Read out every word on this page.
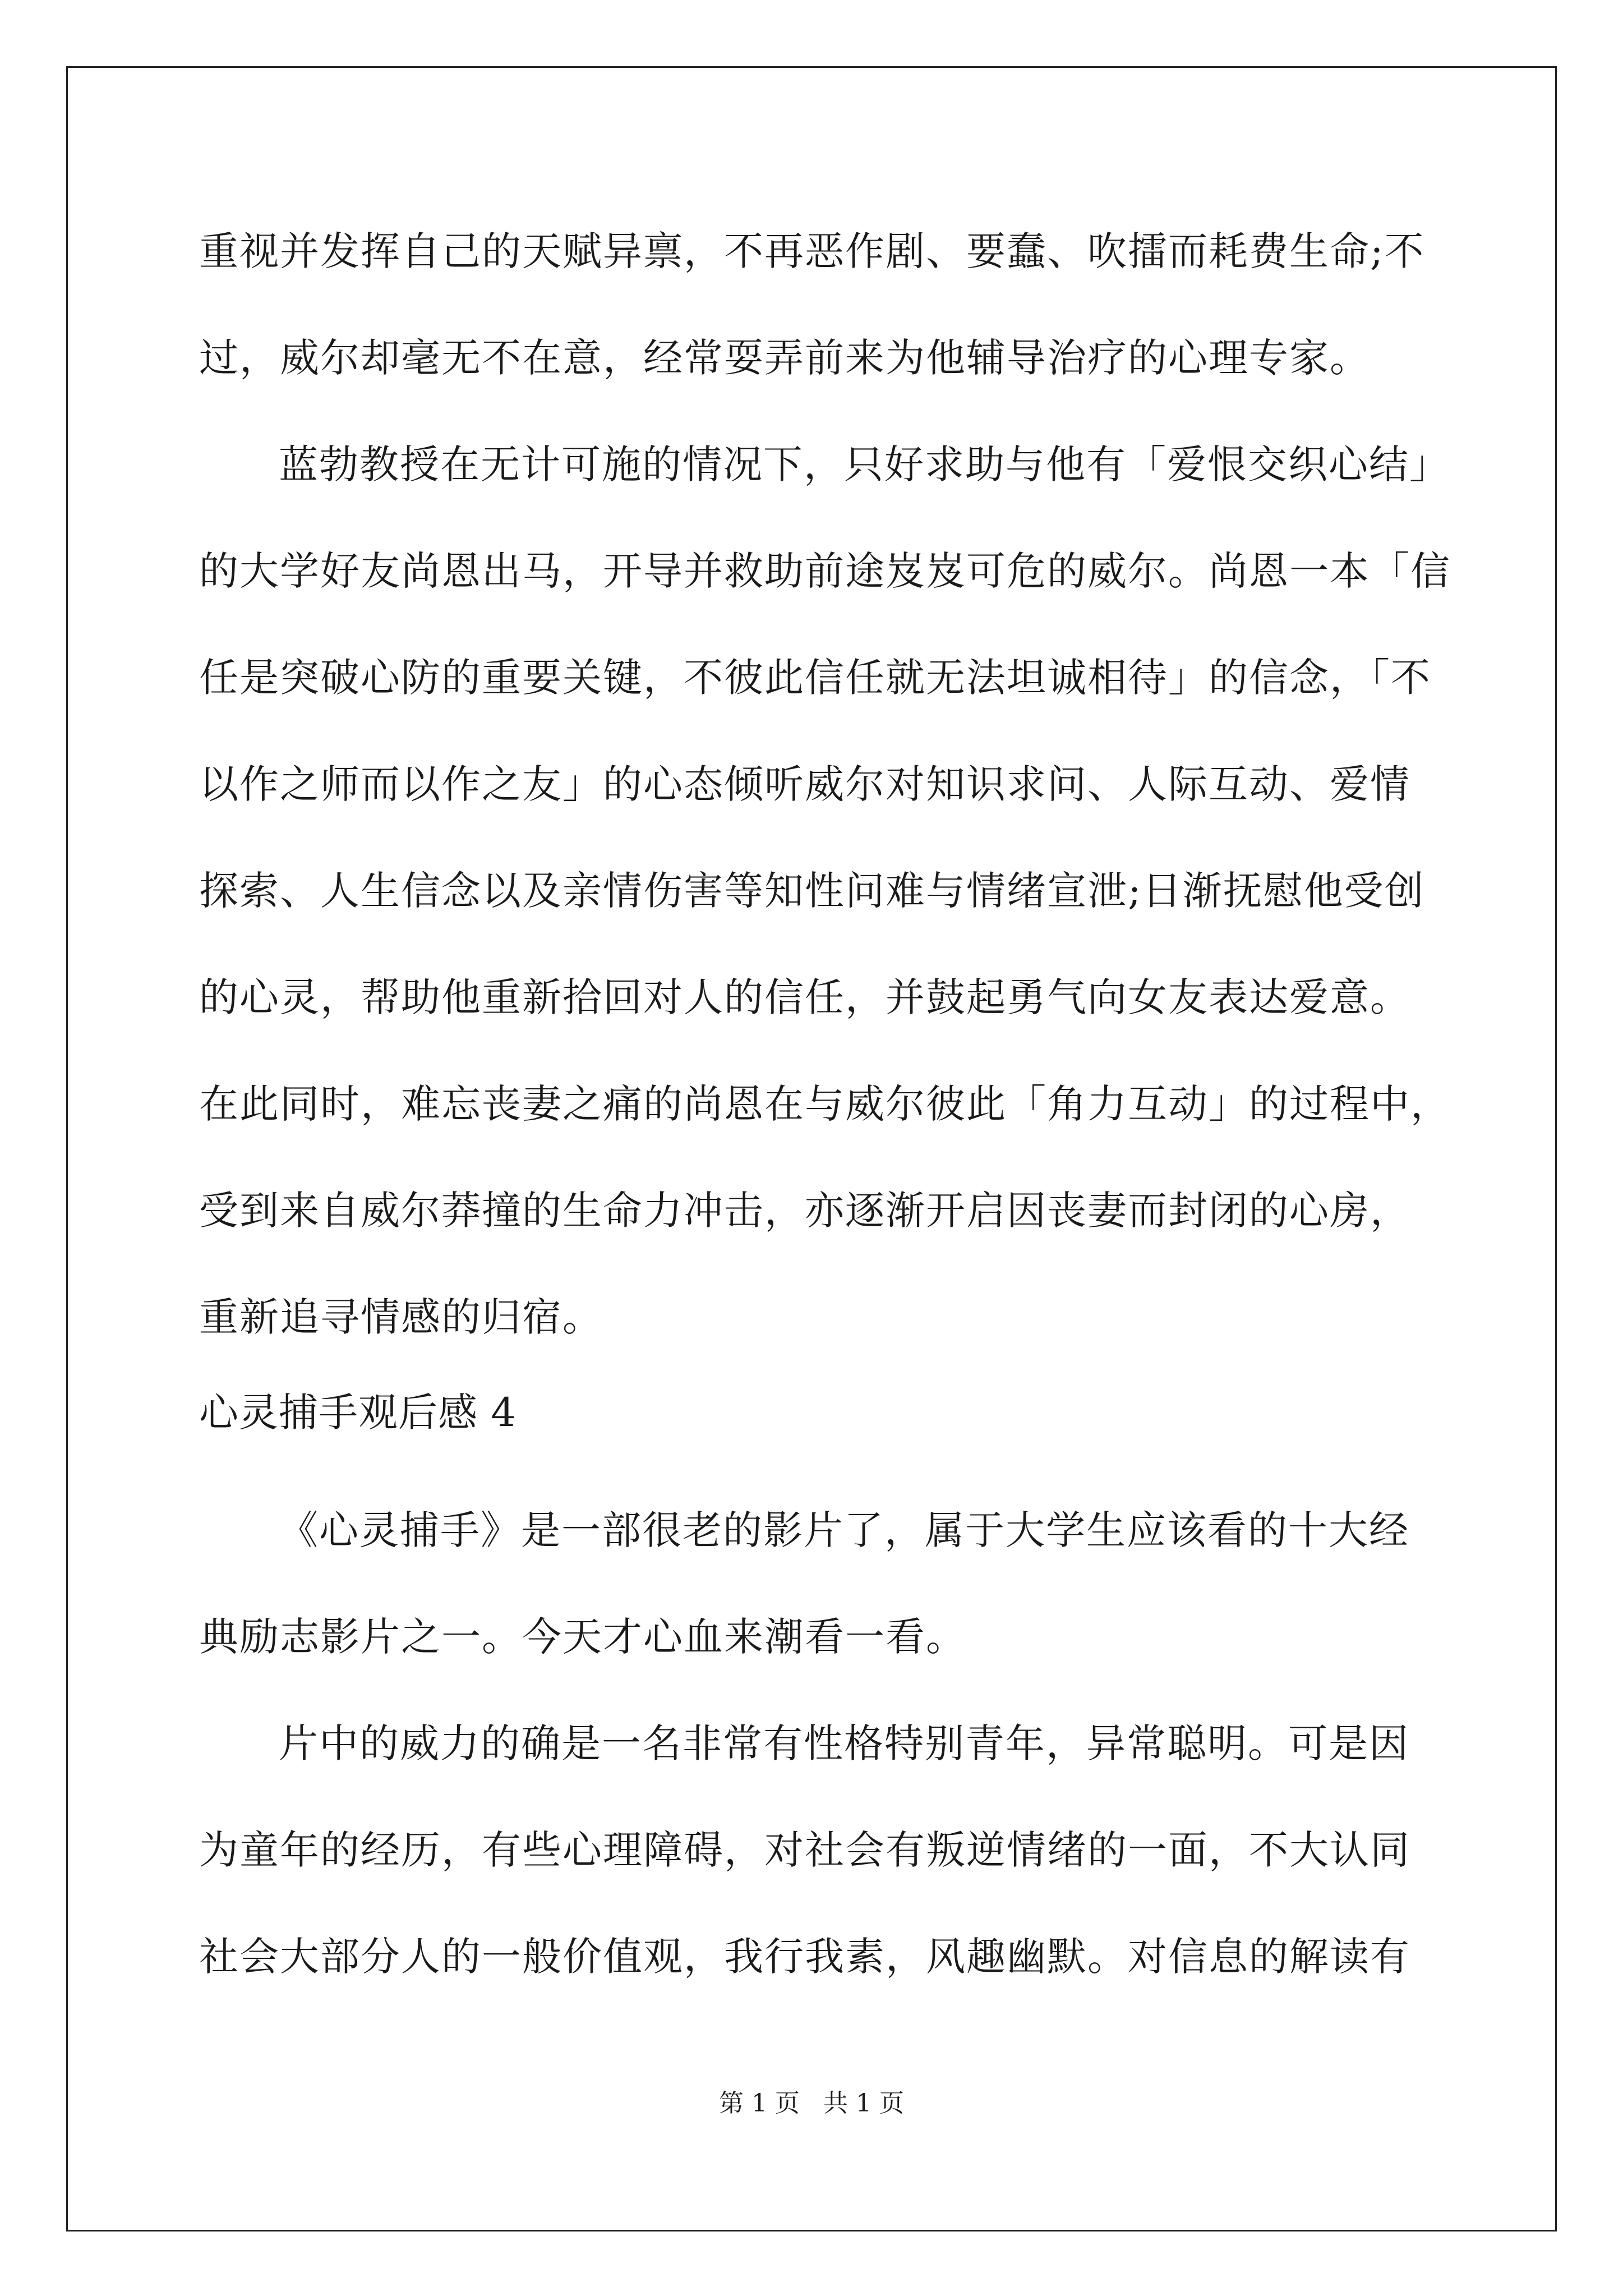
重视并发挥自己的天赋异禀，不再恶作剧、要蠢、吹擂而耗费生命;不
过，威尔却毫无不在意，经常耍弄前来为他辅导治疗的心理专家。
蓝勃教授在无计可施的情况下，只好求助与他有「爱恨交织心结」
的大学好友尚恩出马，开导并救助前途岌岌可危的威尔。尚恩一本「信
任是突破心防的重要关键，不彼此信任就无法坦诚相待」的信念，「不
以作之师而以作之友」的心态倾听威尔对知识求问、人际互动、爱情
探索、人生信念以及亲情伤害等知性问难与情绪宣泄;日渐抚慰他受创
的心灵，帮助他重新拾回对人的信任，并鼓起勇气向女友表达爱意。
在此同时，难忘丧妻之痛的尚恩在与威尔彼此「角力互动」的过程中，
受到来自威尔莽撞的生命力冲击，亦逐渐开启因丧妻而封闭的心房，
重新追寻情感的归宿。
心灵捕手观后感 4
《心灵捕手》是一部很老的影片了，属于大学生应该看的十大经
典励志影片之一。今天才心血来潮看一看。
片中的威力的确是一名非常有性格特别青年，异常聪明。可是因
为童年的经历，有些心理障碍，对社会有叛逆情绪的一面，不大认同
社会大部分人的一般价值观，我行我素，风趣幽默。对信息的解读有
第 1 页   共 1 页
